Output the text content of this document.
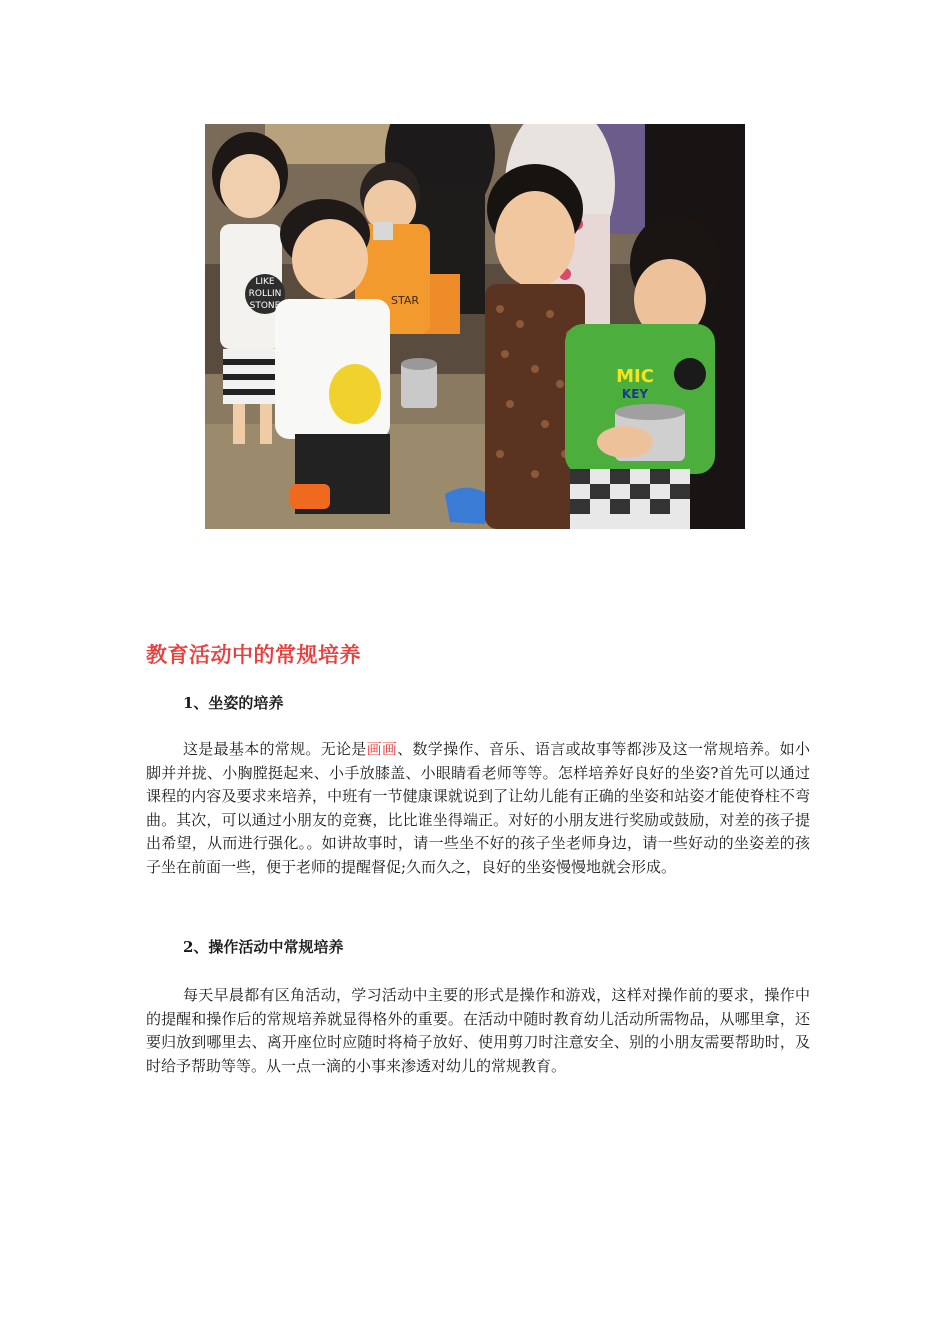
LIKE
ROLLIN
STONE	STAR
MIC
KEY
教育活动中的常规培养
1、坐姿的培养
这是最基本的常规。无论是画画、数学操作、音乐、语言或故事等都涉及这一常规培养。如小脚并并拢、小胸膛挺起来、小手放膝盖、小眼睛看老师等等。怎样培养好良好的坐姿?首先可以通过课程的内容及要求来培养，中班有一节健康课就说到了让幼儿能有正确的坐姿和站姿才能使脊柱不弯曲。其次，可以通过小朋友的竞赛，比比谁坐得端正。对好的小朋友进行奖励或鼓励，对差的孩子提出希望，从而进行强化。。如讲故事时，请一些坐不好的孩子坐老师身边，请一些好动的坐姿差的孩子坐在前面一些，便于老师的提醒督促;久而久之，良好的坐姿慢慢地就会形成。
2、操作活动中常规培养
每天早晨都有区角活动，学习活动中主要的形式是操作和游戏，这样对操作前的要求，操作中的提醒和操作后的常规培养就显得格外的重要。在活动中随时教育幼儿活动所需物品，从哪里拿，还要归放到哪里去、离开座位时应随时将椅子放好、使用剪刀时注意安全、别的小朋友需要帮助时，及时给予帮助等等。从一点一滴的小事来渗透对幼儿的常规教育。
